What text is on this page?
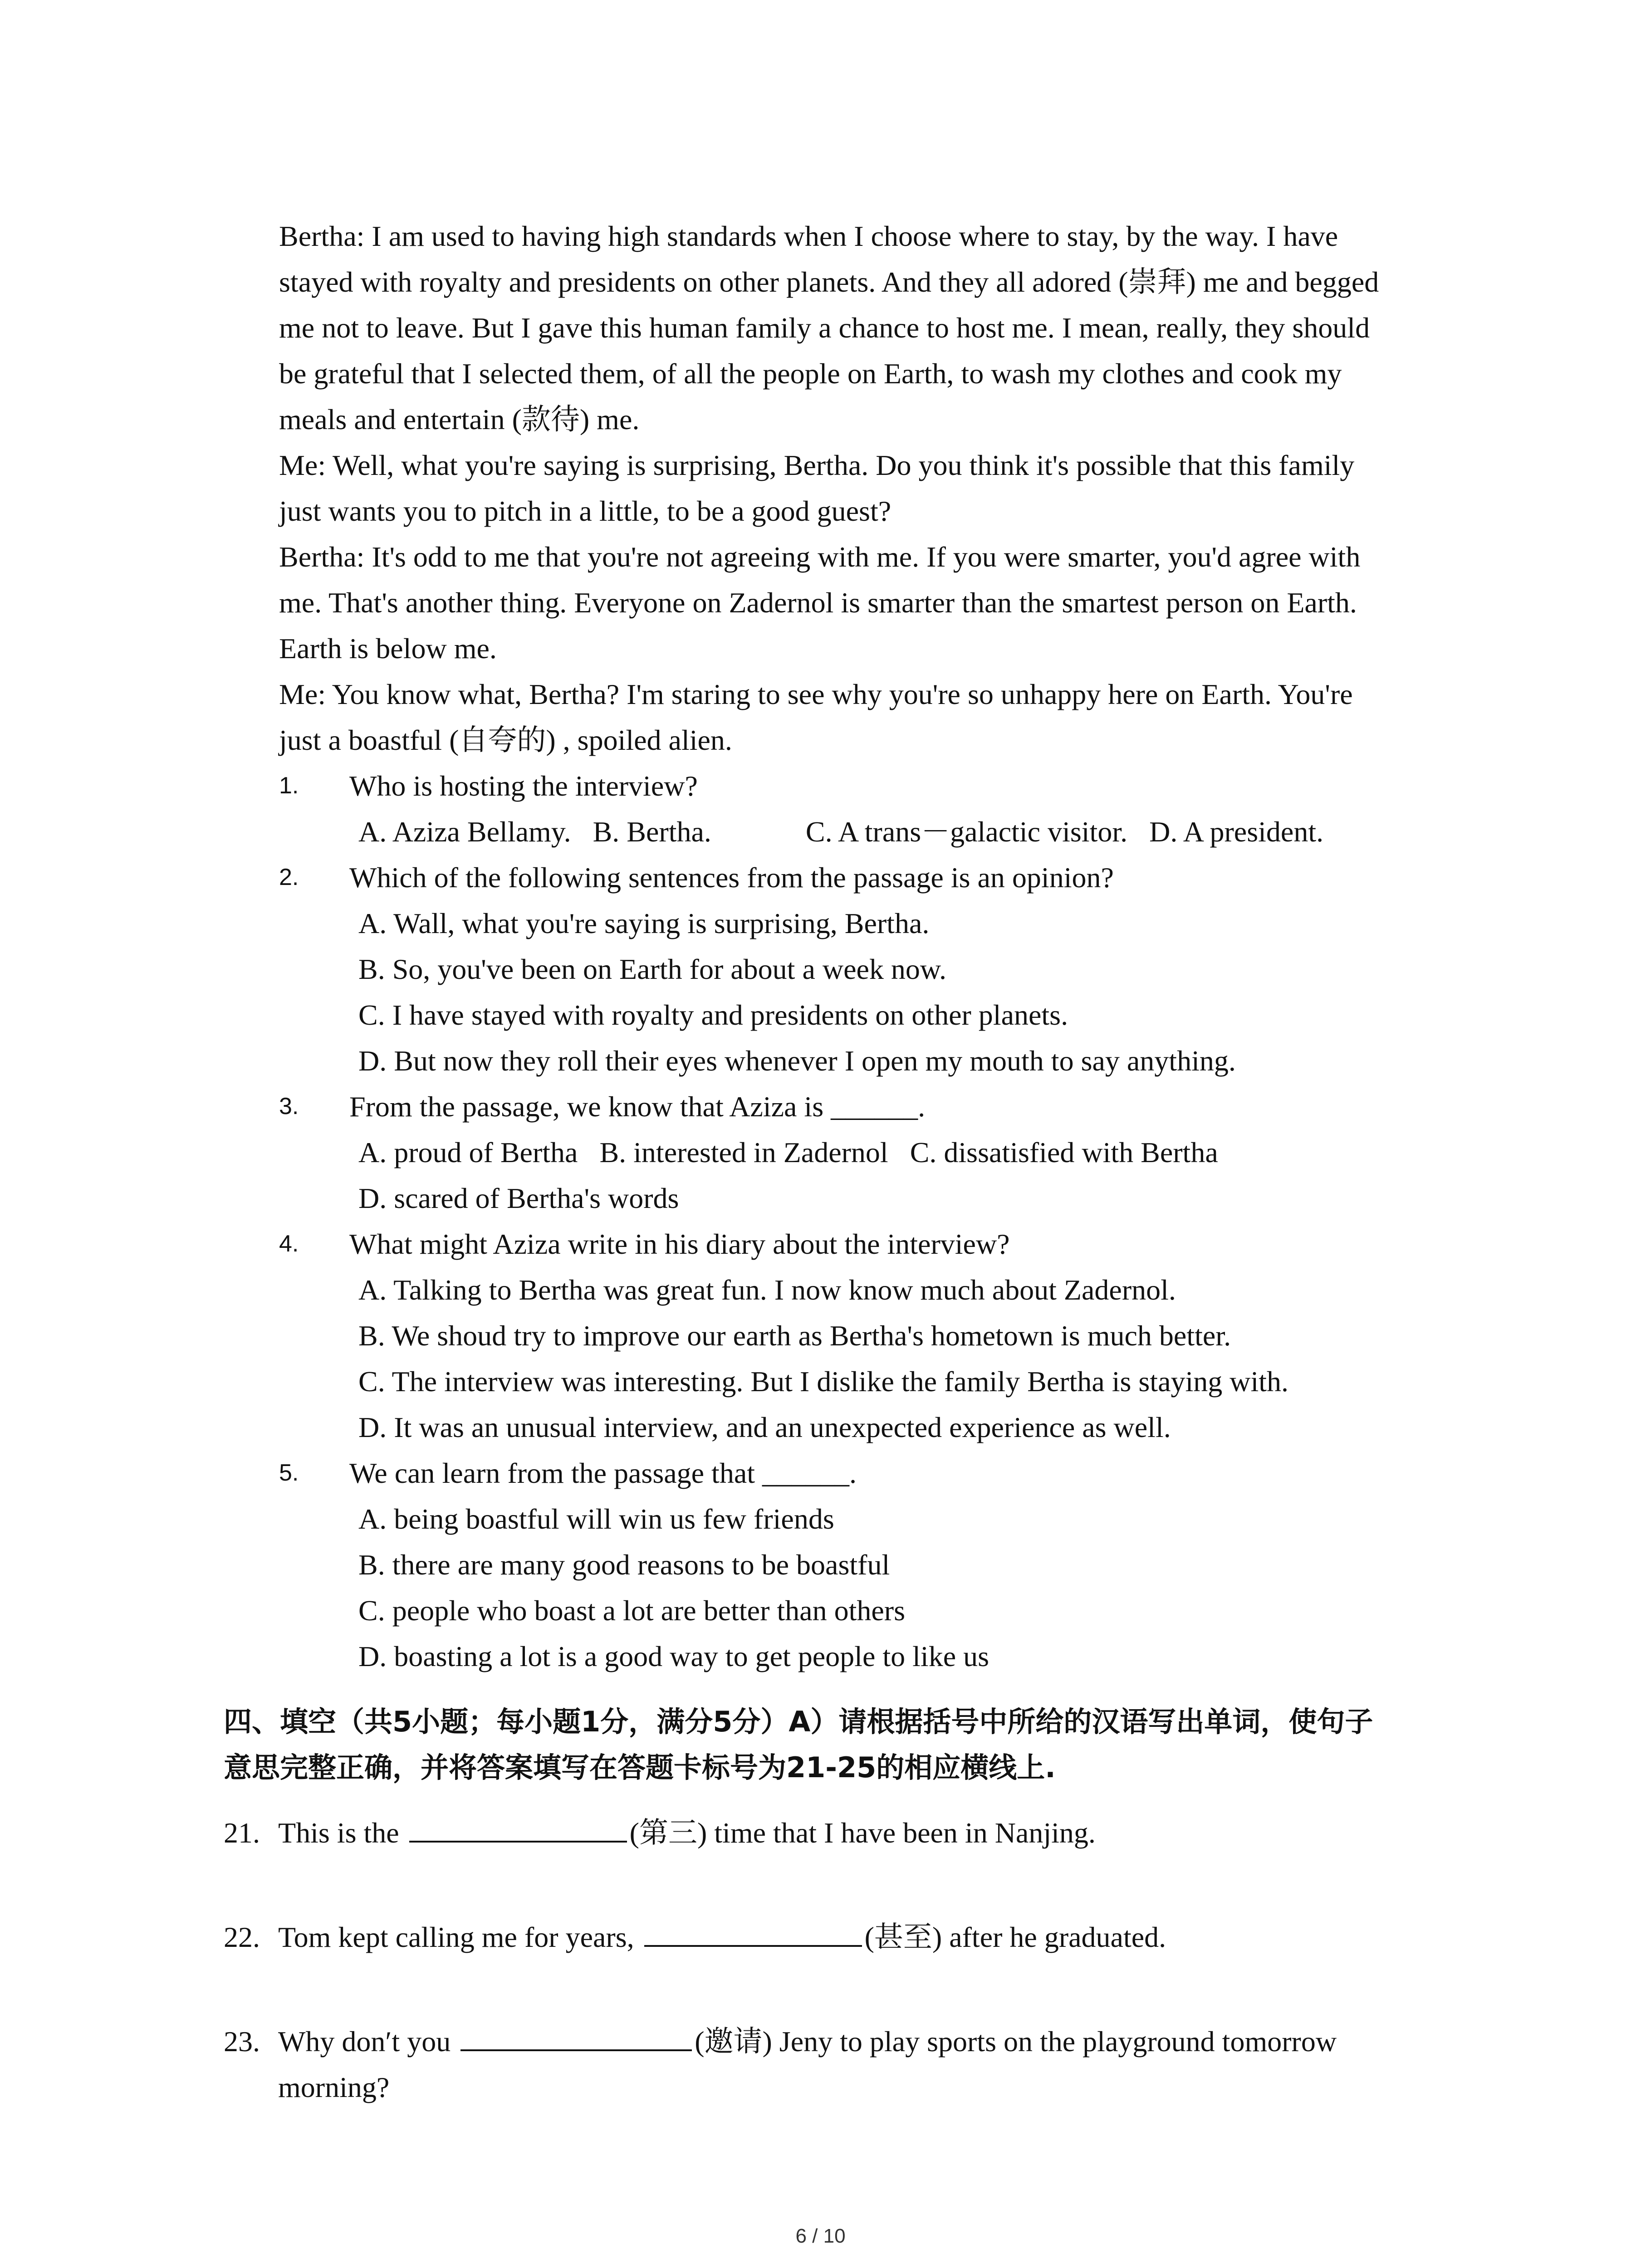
Bertha: I am used to having high standards when I choose where to stay, by the way. I have

stayed with royalty and presidents on other planets. And they all adored (崇拜) me and begged

me not to leave. But I gave this human family a chance to host me. I mean, really, they should

be grateful that I selected them, of all the people on Earth, to wash my clothes and cook my

meals and entertain (款待) me.

Me: Well, what you're saying is surprising, Bertha. Do you think it's possible that this family

just wants you to pitch in a little, to be a good guest?

Bertha: It's odd to me that you're not agreeing with me. If you were smarter, you'd agree with

me. That's another thing. Everyone on Zadernol is smarter than the smartest person on Earth.

Earth is below me.

Me: You know what, Bertha? I'm staring to see why you're so unhappy here on Earth. You're

just a boastful (自夸的) , spoiled alien.

1.	Who is hosting the interview?
A. Aziza Bellamy.   B. Bertha.             C. A trans－galactic visitor.   D. A president.
2.	Which of the following sentences from the passage is an opinion?
A. Wall, what you're saying is surprising, Bertha.
B. So, you've been on Earth for about a week now.
C. I have stayed with royalty and presidents on other planets.
D. But now they roll their eyes whenever I open my mouth to say anything.
3.	From the passage, we know that Aziza is ______.
A. proud of Bertha   B. interested in Zadernol   C. dissatisfied with Bertha
D. scared of Bertha's words
4.	What might Aziza write in his diary about the interview?
A. Talking to Bertha was great fun. I now know much about Zadernol.
B. We shoud try to improve our earth as Bertha's hometown is much better.
C. The interview was interesting. But I dislike the family Bertha is staying with.
D. It was an unusual interview, and an unexpected experience as well.
5.	We can learn from the passage that ______.
A. being boastful will win us few friends
B. there are many good reasons to be boastful
C. people who boast a lot are better than others
D. boasting a lot is a good way to get people to like us
四、填空（共5小题；每小题1分，满分5分）A）请根据括号中所给的汉语写出单词，使句子
意思完整正确，并将答案填写在答题卡标号为21-25的相应横线上.

21. This is the	(第三) time that I have been in Nanjing.

22. Tom kept calling me for years,	(甚至) after he graduated.

23. Why don′t you	(邀请) Jeny to play sports on the playground tomorrow
morning?

6 / 10
